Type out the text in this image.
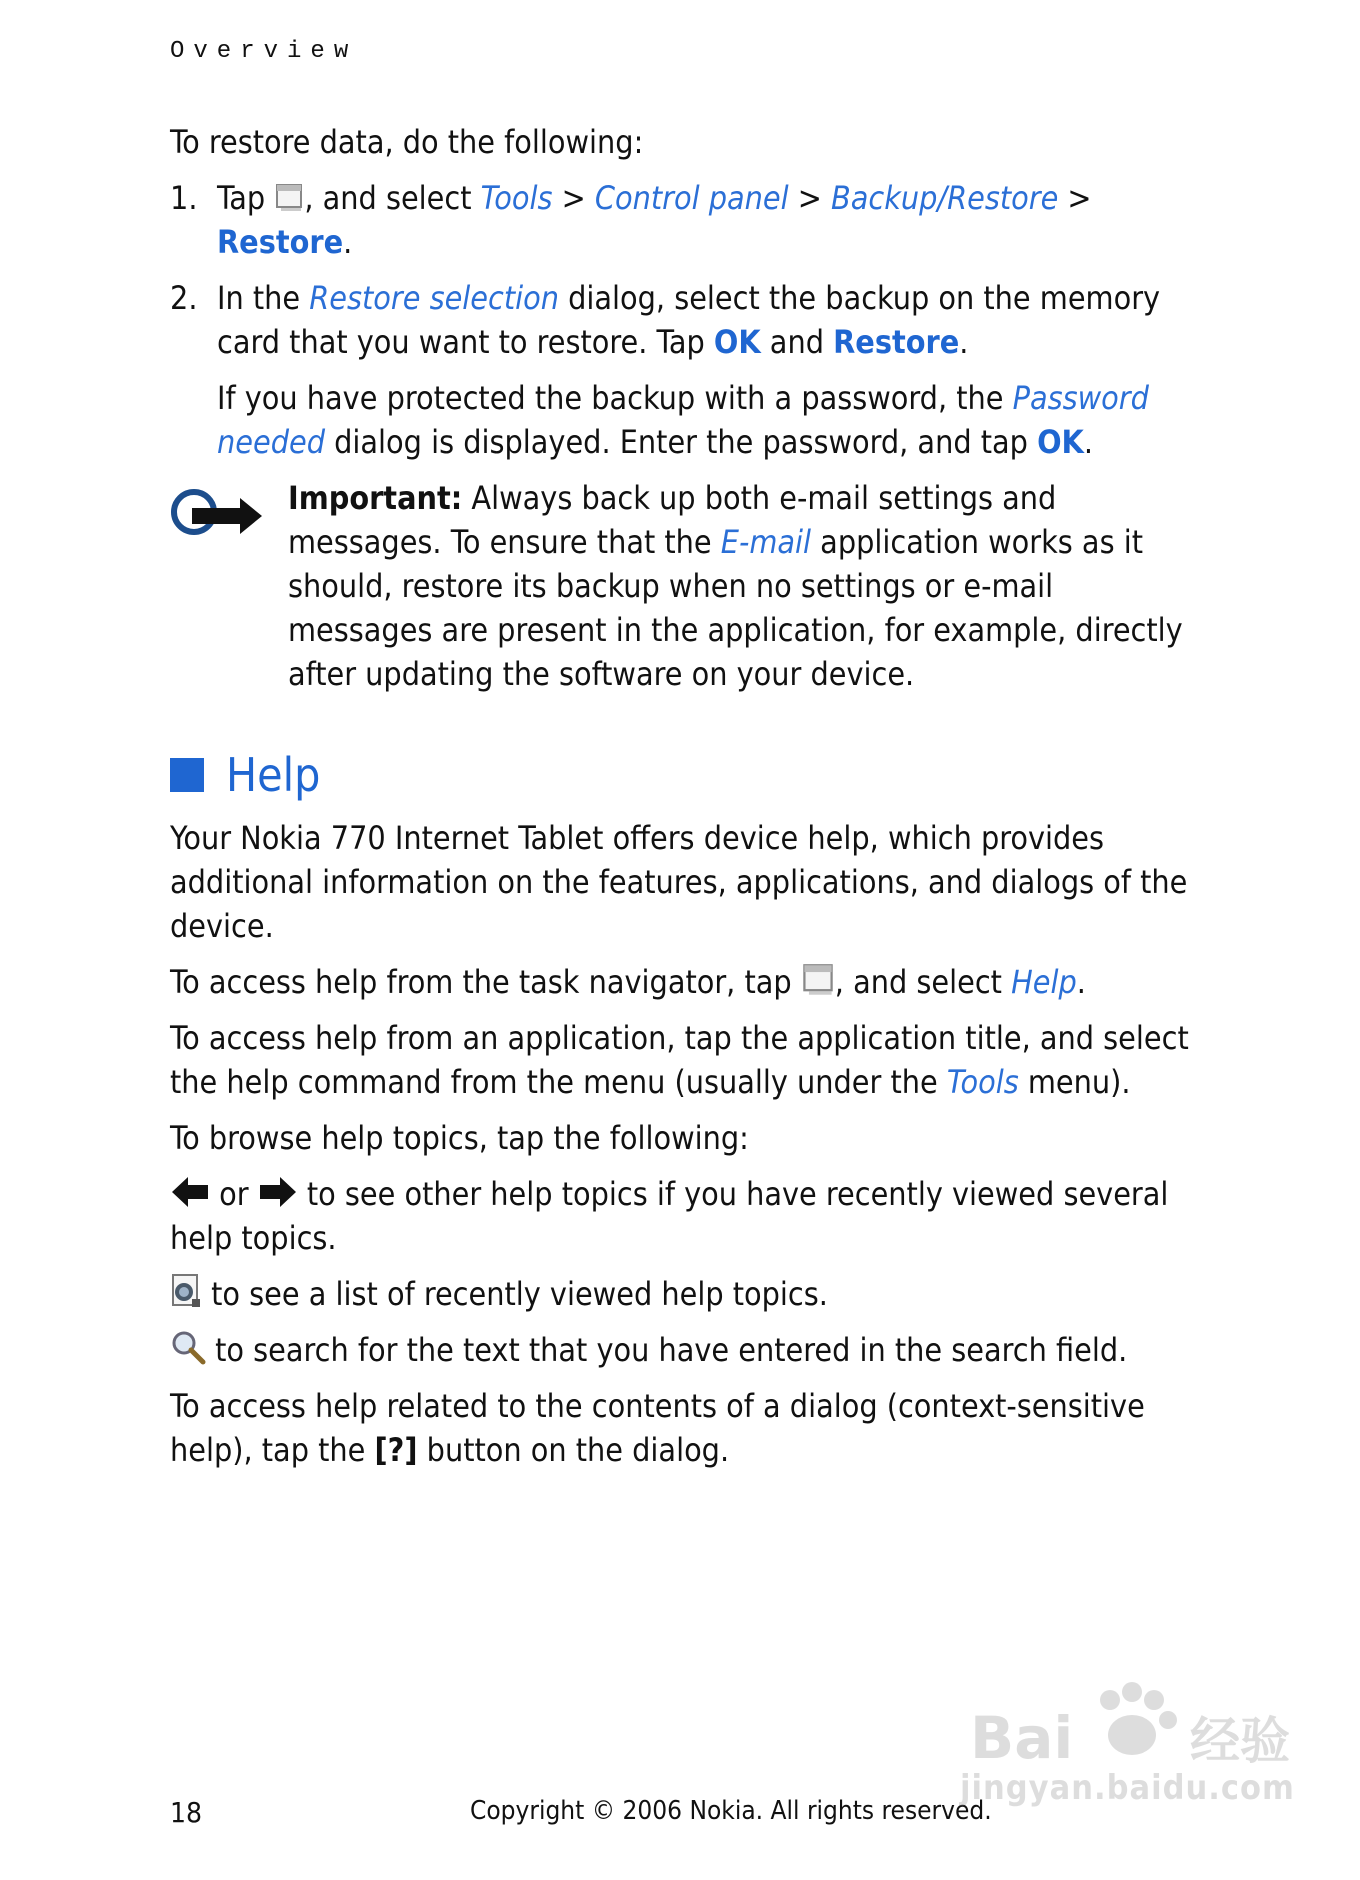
Overview

To restore data, do the following:

1. Tap , and select Tools > Control panel > Backup/Restore > Restore.
2. In the Restore selection dialog, select the backup on the memory card that you want to restore. Tap OK and Restore.

If you have protected the backup with a password, the Password needed dialog is displayed. Enter the password, and tap OK.

Important: Always back up both e-mail settings and messages. To ensure that the E-mail application works as it should, restore its backup when no settings or e-mail messages are present in the application, for example, directly after updating the software on your device.
Help

Your Nokia 770 Internet Tablet offers device help, which provides additional information on the features, applications, and dialogs of the device.

To access help from the task navigator, tap , and select Help.

To access help from an application, tap the application title, and select the help command from the menu (usually under the Tools menu).

To browse help topics, tap the following:

or  to see other help topics if you have recently viewed several help topics.

to see a list of recently viewed help topics.

to search for the text that you have entered in the search field.

To access help related to the contents of a dialog (context-sensitive help), tap the [?] button on the dialog.

18	Copyright © 2006 Nokia. All rights reserved.
Bai 经验
jingyan.baidu.com
